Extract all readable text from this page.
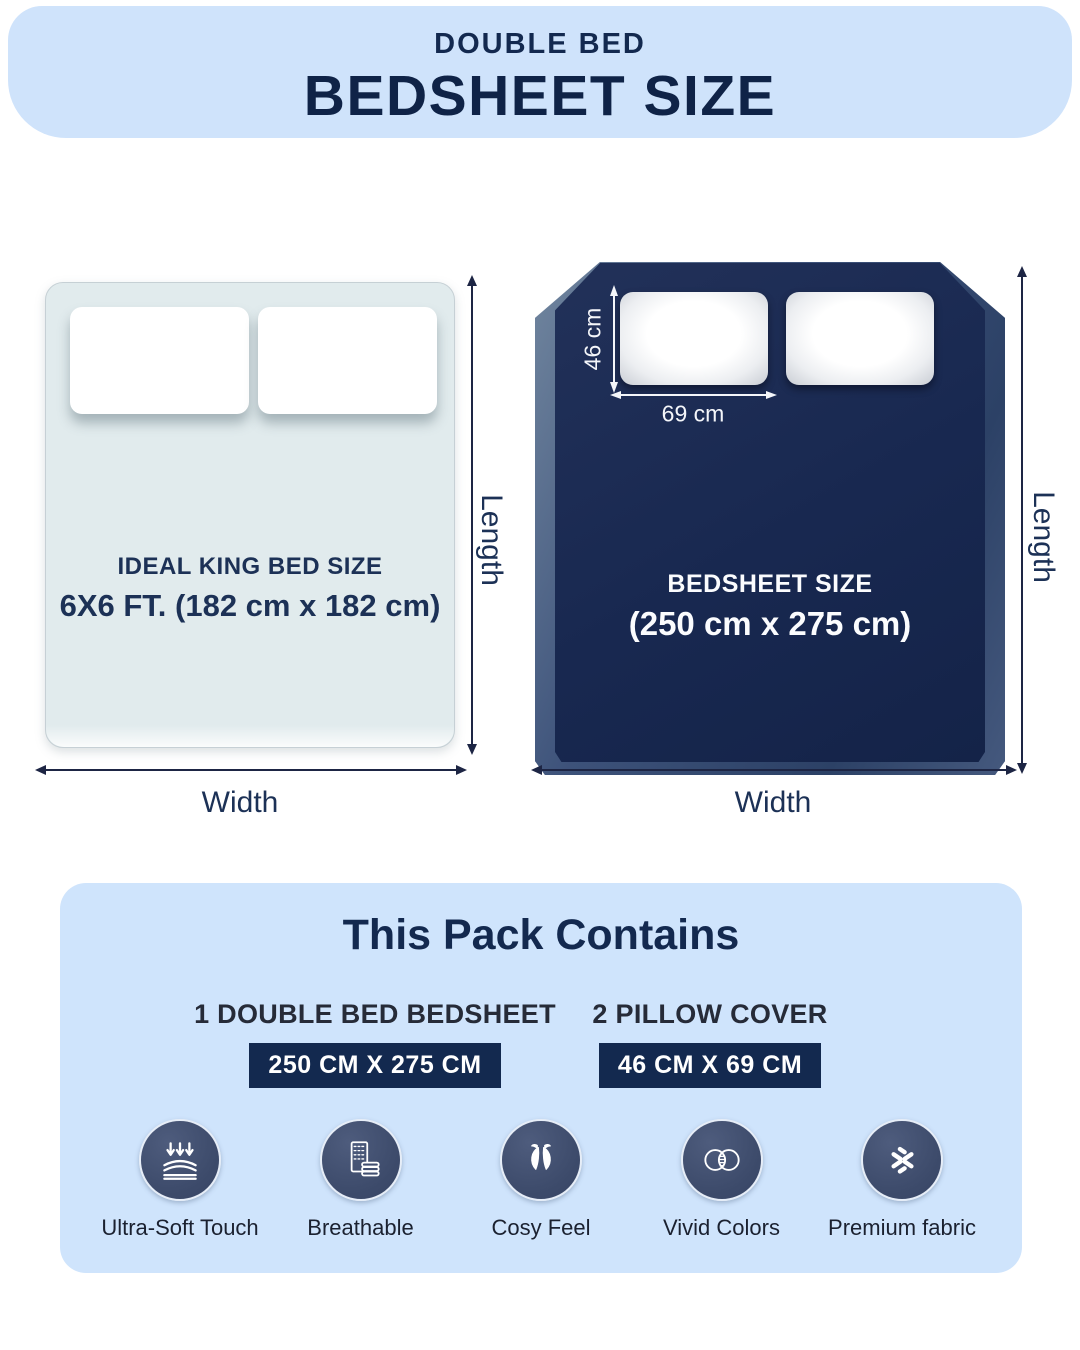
DOUBLE BED
BEDSHEET SIZE
IDEAL KING BED SIZE
6X6 FT. (182 cm x 182 cm)
Length
Width
46 cm
69 cm
BEDSHEET SIZE
(250 cm x 275 cm)
Length
Width
This Pack Contains
1 DOUBLE BED BEDSHEET
250 CM X 275 CM
2 PILLOW COVER
46 CM X 69 CM
Ultra-Soft Touch Breathable	Cosy Feel	Vivid Colors Premium fabric
